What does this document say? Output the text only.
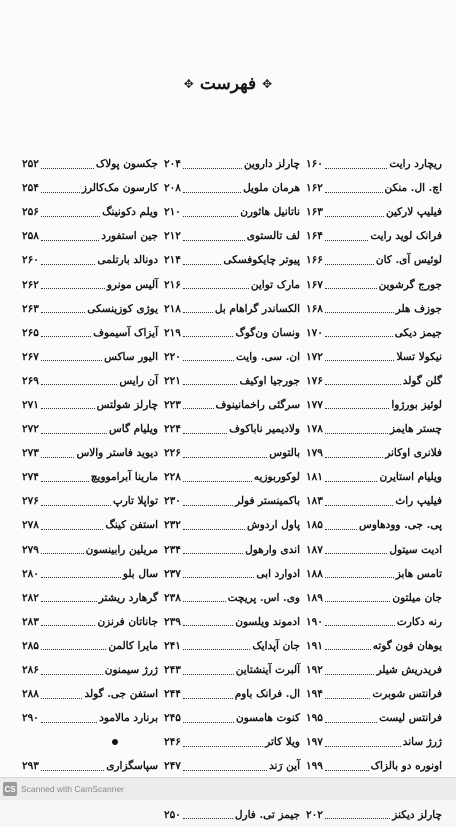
✥
فهرست
✥
ریچارد رایت
۱۶۰
اچ. ال. منکن
۱۶۲
فیلیپ لارکین
۱۶۳
فرانک لوید رایت
۱۶۴
لوئیس آی. کان
۱۶۶
جورج گرشوین
۱۶۷
جوزف هلر
۱۶۸
جیمز دیکی
۱۷۰
نیکولا تسلا
۱۷۲
گلن گولد
۱۷۶
لوئیز بورژوا
۱۷۷
چستر هایمز
۱۷۸
فلانری اوکانر
۱۷۹
ویلیام استایرن
۱۸۱
فیلیپ راث
۱۸۳
پی. جی. وودهاوس
۱۸۵
ادیت سیتول
۱۸۷
تامس هابز
۱۸۸
جان میلتون
۱۸۹
رنه دکارت
۱۹۰
یوهان فون گوته
۱۹۱
فریدریش شیلر
۱۹۲
فرانتس شوبرت
۱۹۴
فرانتس لیست
۱۹۵
ژرژ ساند
۱۹۷
اونوره دو بالزاک
۱۹۹
چارلز دیکنز
۲۰۲
چارلز داروین
۲۰۴
هرمان ملویل
۲۰۸
ناتانیل هاثورن
۲۱۰
لف تالستوی
۲۱۲
پیوتر چایکوفسکی
۲۱۴
مارک تواین
۲۱۶
الکساندر گراهام بل
۲۱۸
ونسان ون‌گوگ
۲۱۹
ان. سی. وایت
۲۲۰
جورجیا اوکیف
۲۲۱
سرگئی راخمانینوف
۲۲۳
ولادیمیر ناباکوف
۲۲۴
بالتوس
۲۲۶
لوکوربوزیه
۲۲۸
باکمینستر فولر
۲۳۰
پاول اردوش
۲۳۲
اندی وارهول
۲۳۴
ادوارد ابی
۲۳۷
وی. اس. پریچت
۲۳۸
ادموند ویلسون
۲۳۹
جان آپدایک
۲۴۱
آلبرت آینشتاین
۲۴۳
ال. فرانک باوم
۲۴۴
کنوت هامسون
۲۴۵
ویلا کاتر
۲۴۶
آین رَند
۲۴۷
جیمز تی. فارل
۲۵۰
جکسون پولاک
۲۵۲
کارسون مک‌کالرز
۲۵۴
ویلم دکونینگ
۲۵۶
جین استفورد
۲۵۸
دونالد بارتلمی
۲۶۰
آلیس مونرو
۲۶۲
یوژی کوزینسکی
۲۶۳
آیزاک آسیموف
۲۶۵
الیور ساکس
۲۶۷
آن رایس
۲۶۹
چارلز شولتس
۲۷۱
ویلیام گاس
۲۷۲
دیوید فاستر والاس
۲۷۳
مارینا آبراموویچ
۲۷۴
تواپلا تارپ
۲۷۶
استفن کینگ
۲۷۸
مریلین رابینسون
۲۷۹
سال بلو
۲۸۰
گرهارد ریشتر
۲۸۲
جاناتان فرنزن
۲۸۳
مایرا کالمن
۲۸۵
ژرژ سیمنون
۲۸۶
استفن جی. گولد
۲۸۸
برنارد مالامود
۲۹۰
سپاسگزاری
۲۹۳
CS Scanned with CamScanner
